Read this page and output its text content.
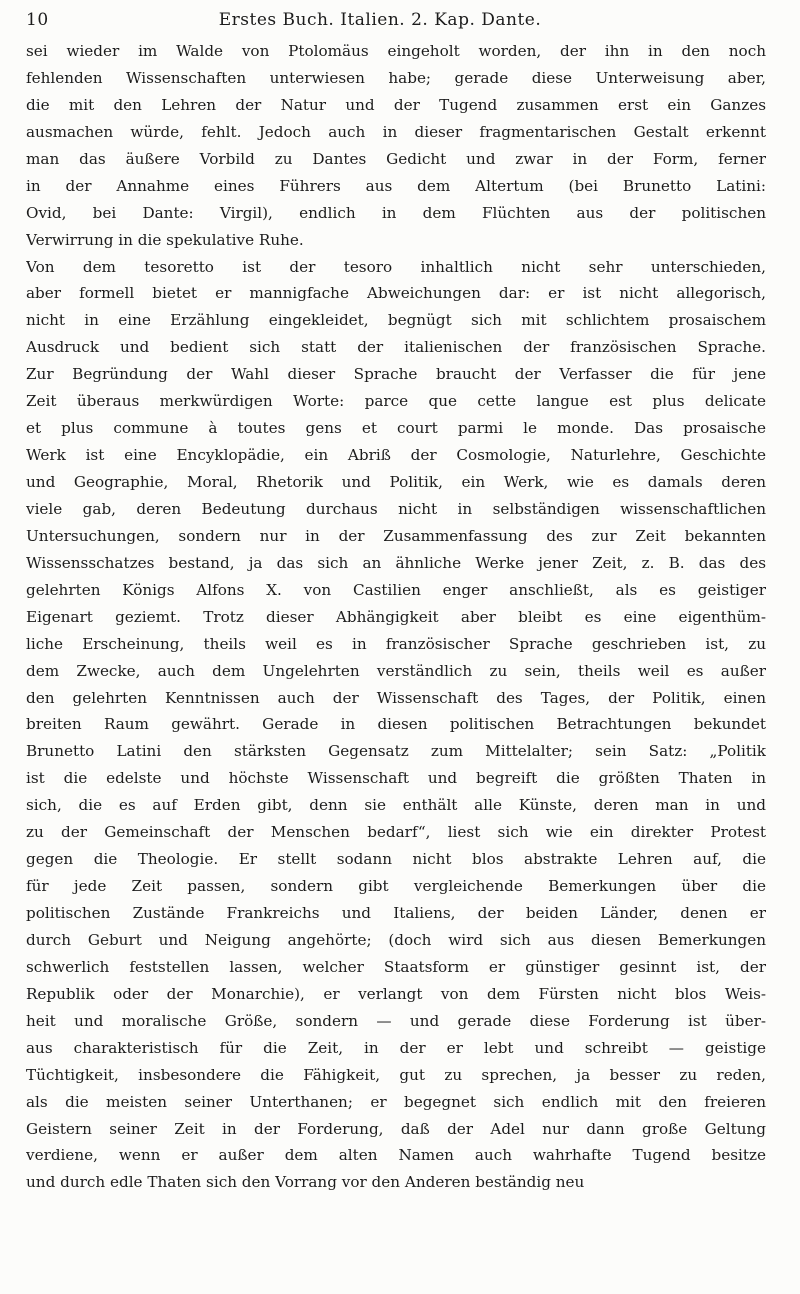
10	Erstes Buch. Italien. 2. Kap. Dante.
sei wieder im Walde von Ptolomäus eingeholt worden, der ihn in den noch
fehlenden Wissenschaften unterwiesen habe; gerade diese Unterweisung aber,
die mit den Lehren der Natur und der Tugend zusammen erst ein Ganzes
ausmachen würde, fehlt. Jedoch auch in dieser fragmentarischen Gestalt erkennt
man das äußere Vorbild zu Dantes Gedicht und zwar in der Form, ferner
in der Annahme eines Führers aus dem Altertum (bei Brunetto Latini:
Ovid, bei Dante: Virgil), endlich in dem Flüchten aus der politischen
Verwirrung in die spekulative Ruhe.
Von dem tesoretto ist der tesoro inhaltlich nicht sehr unterschieden,
aber formell bietet er mannigfache Abweichungen dar: er ist nicht allegorisch,
nicht in eine Erzählung eingekleidet, begnügt sich mit schlichtem prosaischem
Ausdruck und bedient sich statt der italienischen der französischen Sprache.
Zur Begründung der Wahl dieser Sprache braucht der Verfasser die für jene
Zeit überaus merkwürdigen Worte: parce que cette langue est plus delicate
et plus commune à toutes gens et court parmi le monde. Das prosaische
Werk ist eine Encyklopädie, ein Abriß der Cosmologie, Naturlehre, Geschichte
und Geographie, Moral, Rhetorik und Politik, ein Werk, wie es damals deren
viele gab, deren Bedeutung durchaus nicht in selbständigen wissenschaftlichen
Untersuchungen, sondern nur in der Zusammenfassung des zur Zeit bekannten
Wissensschatzes bestand, ja das sich an ähnliche Werke jener Zeit, z. B. das des
gelehrten Königs Alfons X. von Castilien enger anschließt, als es geistiger
Eigenart geziemt. Trotz dieser Abhängigkeit aber bleibt es eine eigenthüm-
liche Erscheinung, theils weil es in französischer Sprache geschrieben ist, zu
dem Zwecke, auch dem Ungelehrten verständlich zu sein, theils weil es außer
den gelehrten Kenntnissen auch der Wissenschaft des Tages, der Politik, einen
breiten Raum gewährt. Gerade in diesen politischen Betrachtungen bekundet
Brunetto Latini den stärksten Gegensatz zum Mittelalter; sein Satz: „Politik
ist die edelste und höchste Wissenschaft und begreift die größten Thaten in
sich, die es auf Erden gibt, denn sie enthält alle Künste, deren man in und
zu der Gemeinschaft der Menschen bedarf“, liest sich wie ein direkter Protest
gegen die Theologie. Er stellt sodann nicht blos abstrakte Lehren auf, die
für jede Zeit passen, sondern gibt vergleichende Bemerkungen über die
politischen Zustände Frankreichs und Italiens, der beiden Länder, denen er
durch Geburt und Neigung angehörte; (doch wird sich aus diesen Bemerkungen
schwerlich feststellen lassen, welcher Staatsform er günstiger gesinnt ist, der
Republik oder der Monarchie), er verlangt von dem Fürsten nicht blos Weis-
heit und moralische Größe, sondern — und gerade diese Forderung ist über-
aus charakteristisch für die Zeit, in der er lebt und schreibt — geistige
Tüchtigkeit, insbesondere die Fähigkeit, gut zu sprechen, ja besser zu reden,
als die meisten seiner Unterthanen; er begegnet sich endlich mit den freieren
Geistern seiner Zeit in der Forderung, daß der Adel nur dann große Geltung
verdiene, wenn er außer dem alten Namen auch wahrhafte Tugend besitze
und durch edle Thaten sich den Vorrang vor den Anderen beständig neu
